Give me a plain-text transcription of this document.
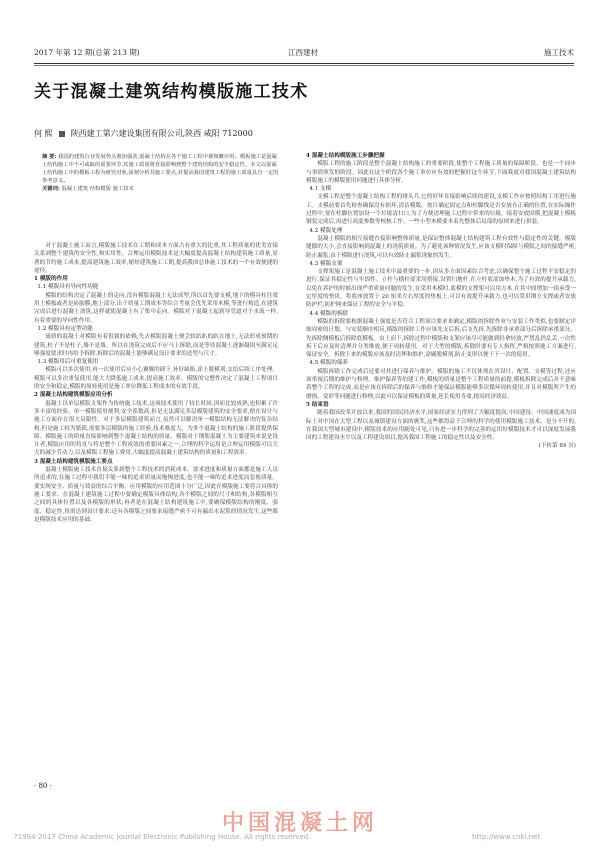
2017 年第 12 期(总第 213 期)	江西建材	施工技术
关于混凝土建筑结构模版施工技术
何 熙 陕西建工第六建设集团有限公司,陕西 咸阳 712000
摘 要: 我国的建筑行业发展势头愈加强劲,混凝土结构在各个施工工程中被频繁应用。模板施工是混凝土结构施工中不可或缺的重要环节,其施工质量将直接影响到整个建筑结构的安全稳定性。本文以混凝土结构施工中的模板工程为研究对象,深刻分析其施工要点,对提高我国建筑工程的施工质量具有一定的参考意义。
关键词: 混凝土建筑 结构模版 施工技术

对于混凝土施工而言,模版施工技术在工期和成本方面占有重大的比重,其工程质量的优劣直接关系到整个建筑的安全性,和实用性。合理运用模版技术是大幅度提高混凝土结构建筑施工质量,显著的节约施工成本,提高建筑施工效率,缩短建筑施工工期,提高我国总体施工技术的一个有效便捷的途径。

1 模版的作用

1.1 模版具有导向性功能

模版的结构决定了混凝土的走向,没有模版混凝土无法成型,所以首先要支模,地下的模具柱往梁用土模板或者是砖胎膜,地上部分,出于质量工期成本等综合考量会优先采用木模,等进行构造,在建筑完成后进行混凝土浇筑,这样就使混凝土有了集中走向。模版对于混凝土起到导管道对于水流一样,有着重要的导向性作用。

1.2 模版具有定型功能

流质的混凝土对模版有着很强的依赖,失去模版混凝土便会软趴趴的趴在地上,无法形成预期的建筑,柱子不是柱子,墙不是墙。所以在浇筑完成后不应马上拆除,而是等待混凝土逐渐凝固至满足足够强度要求时再给予拆除,拆除后的混凝土能够满足设计要求的造型与尺寸。

1.3 模版用后可重复使用

模版可以多次使用,再一次使用后应小心翼翼的卸下,补好缺陷,涂上脱模剂,交给后续工序处理。模版可以多次重复使用,能大大降低施工成本,提高施工效率。模版的完整性决定了混凝土工程项目的安全和稳定,模版的周转使用是施工单位降低工程成本的有效手段。

2 混凝土结构建筑模版应用分析

混凝土以单层模版支架作为传统施工技术,这项技术使用了较长时间,因而比较成熟,也积累了许多丰富的经验。单一模版使用便利,安全系数高,但是无法满足多层模版建筑的安全要求,便在设计与施工方面存在很大局限性。对于多层模版建筑而言,虽然可以解决单一模版结构无法解决的复杂结构,但是施工较为繁琐,需要多层模版的施工经验,技术难度大。为多个混凝土结构的施工阶段提供保障。模版施工的质量直接影响到整个混凝土结构的质量。模版对于钢筋混凝土为主要建筑来说是设计者,模版应用的将直与将是整个工程成效的重要因素之一,合理的科学运用是合理运用模版可以大大的减少劳动力,以及模版工程施工费用,大幅度提高混凝土建筑结构的质量和工程效率。

3 混凝土结构建筑模版施工要点

混凝土模版施工技术直接关系到整个工程技术的消耗成本。要求进度和质量方面都是施工人员所追求的,在施工过程中我们不能一味的追求质量而拖慢进度,也不能一味的追求进度而忽视质量。要实现安全、质量与效益的综合平衡。应用模版的应用范围十分广泛,因此在模版施工要符合具体的施工要求。在混凝土建筑施工过程中要确定模版具体结构,各个模版之间的尺寸和结构,各模版相互之间的具体位置以及各模版的形状;再者是在混凝土结构建筑施工中,要确保模版结构的刚度、强度、稳定性,皆需达到设计要求:还有各模版之间要求接缝严密不可有漏出水泥浆的情况发生,这些都是模版技术应用的基础。

4 混凝土结构模版施工步骤把握

模版工程的施工阶段是整个混凝土结构施工的重要阶段,使整个工程施工质量的保障阶段。也是一个同步与事情照发的阶段。因此在这个阶段各个施工单位应有效的把握好这个环节,下面我就对我国混凝土建筑结构模版施工的模版使用问题进行具体分析。

4.1 支模

支模工程是整个混凝土结构工程的排头兵,它的好坏直接影响后续的建设,支模工作应按照结构工序进行施工。支模前要首先检查确保没有损坏,清洁模版。按目确定固定点和柱脚线是否安放在正确的位置,在实际操作过程中,要在柱脚位置加设一个垃圾清扫口,为了方便清理施工过程中带来的垃圾。接着安放固模,把混凝土模板钢装完成后,再进行高度参数等校核工作。一些小型木模要本着先整体后局部的原则来进行拼装。

4.2 模版处理

混凝土模版的相互接缝直接影响整体质量,是保证整体混凝土结构建筑工程有效性与稳定性的关键。模版缝隙的大小,会直接影响到混凝土的浇筑质量。为了避免该种情况发生,应该支模时保障与模版之间的接缝严密,防止漏浆;由于模版进行浇筑,可以有效防止漏浆现象的发生。

4.3 模版支架

支撑架施工是混凝土施工技术中最重要的一步,因从多方面因素综合考虑,以确保整个施工过程平安稳定的进行,保证其稳定性与牢固性。立杆与横杆要采用搭接,设置扫地杆,在立杆底部加垫木,为了有效的提升承载力,以免在养护的时候出现严重质量问题的发生,在采用木模时,底模的支撑架可以用方木,在其中间增加一组承受一定厚度的垫块。将底座放置于 20 厘米左右厚度的垫板上,可以有效提升承载力,也可以采用钢方支撑或者安放防护栏,防护网来保证工程的安全与平稳。

4.4 模版的拆除

模版的拆除要根据混凝土强度是否符合工程项目要求来确定,模版的拆除作业与安装工作类似,也要制定详细周密的计划。与安装顺序相反,模版的拆除工作应该先支后拆,后支先拆,先拆除非承重部分后拆除承重部分。先拆除侧模板后拆除底模板。由上而下,拆除过程中模版和支架应该尽可能做到轻拿轻放,严禁乱扔乱丢,一次性拆下后应及时清理并分类堆放,便于周转使用。对于大型的模版,拆除时要有专人指挥,严格按照施工方案进行,保证安全。拆除下来的模版应该及时清理和维护,涂刷脱模剂,防止变形以便于下一次的使用。

4.5 模版的保养

模版拆除工作完成后还要对其进行保养与维护。模版的施工不仅体现在其设计、配置、支模等过程,还应该重视后期的维护与修理。维护保养等的建工作,模板的质量是整个工程质量的前提,模板拆除完成后并不意味着整个工程的完成,而是应该在拆除后的保养与维修才能保证模版能够多次循环周转使用,并且对模版所产生的磨损、变形等问题进行修理,以此可以保证模板的质量,延长使用寿命,提高经济效益。

5 结束语

随着我国改革开放以来,我国的国民经济水平,国家经济实力得到了大幅度提高,中国建设、中国速度成为国际上对中国在大型工程以及城镇建设方面的褒奖,这些都得益于合理的科学的使用模版施工技术。是分不开的,在我国大型城市建设中,模版技术的应用随处可见,只有进一步科学的完善的运用好模版技术才可以深度发展我国的工程建设水平以及工程建设项目,提高我国工程施工的稳定性以及安全性。

(下转第 84 页)

· 80 ·
中国混凝土网
?1994-2017 China Academic Journal Electronic Publishing House. All rights reserved.	http://www.cnki.net
